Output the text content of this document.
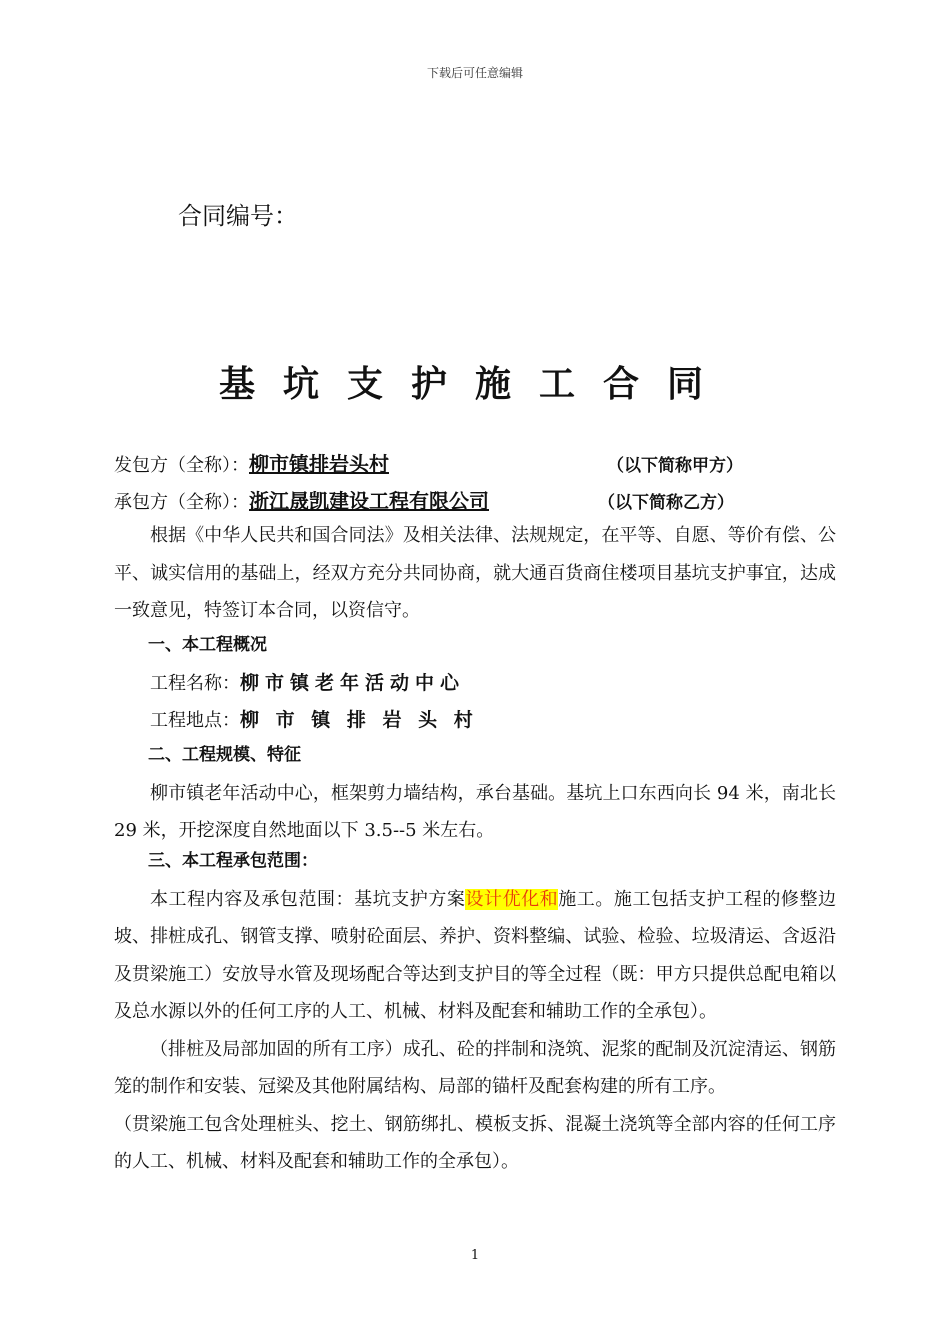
下载后可任意编辑
合同编号：
基坑支护施工合同
发包方（全称）：柳市镇排岩头村	（以下简称甲方）
承包方（全称）：浙江晟凯建设工程有限公司	（以下简称乙方）

根据《中华人民共和国合同法》及相关法律、法规规定，在平等、自愿、等价有偿、公平、诚实信用的基础上，经双方充分共同协商，就大通百货商住楼项目基坑支护事宜，达成一致意见，特签订本合同，以资信守。

一、本工程概况

工程名称：柳市镇老年活动中心

工程地点：柳 市 镇 排 岩 头 村

二、工程规模、特征

柳市镇老年活动中心，框架剪力墙结构，承台基础。基坑上口东西向长 94 米，南北长 29 米，开挖深度自然地面以下 3.5--5 米左右。

三、本工程承包范围：

本工程内容及承包范围：基坑支护方案设计优化和施工。施工包括支护工程的修整边坡、排桩成孔、钢管支撑、喷射砼面层、养护、资料整编、试验、检验、垃圾清运、含返沿及贯梁施工）安放导水管及现场配合等达到支护目的等全过程（既：甲方只提供总配电箱以及总水源以外的任何工序的人工、机械、材料及配套和辅助工作的全承包）。

（排桩及局部加固的所有工序）成孔、砼的拌制和浇筑、泥浆的配制及沉淀清运、钢筋笼的制作和安装、冠梁及其他附属结构、局部的锚杆及配套构建的所有工序。

（贯梁施工包含处理桩头、挖土、钢筋绑扎、模板支拆、混凝土浇筑等全部内容的任何工序的人工、机械、材料及配套和辅助工作的全承包）。

1
